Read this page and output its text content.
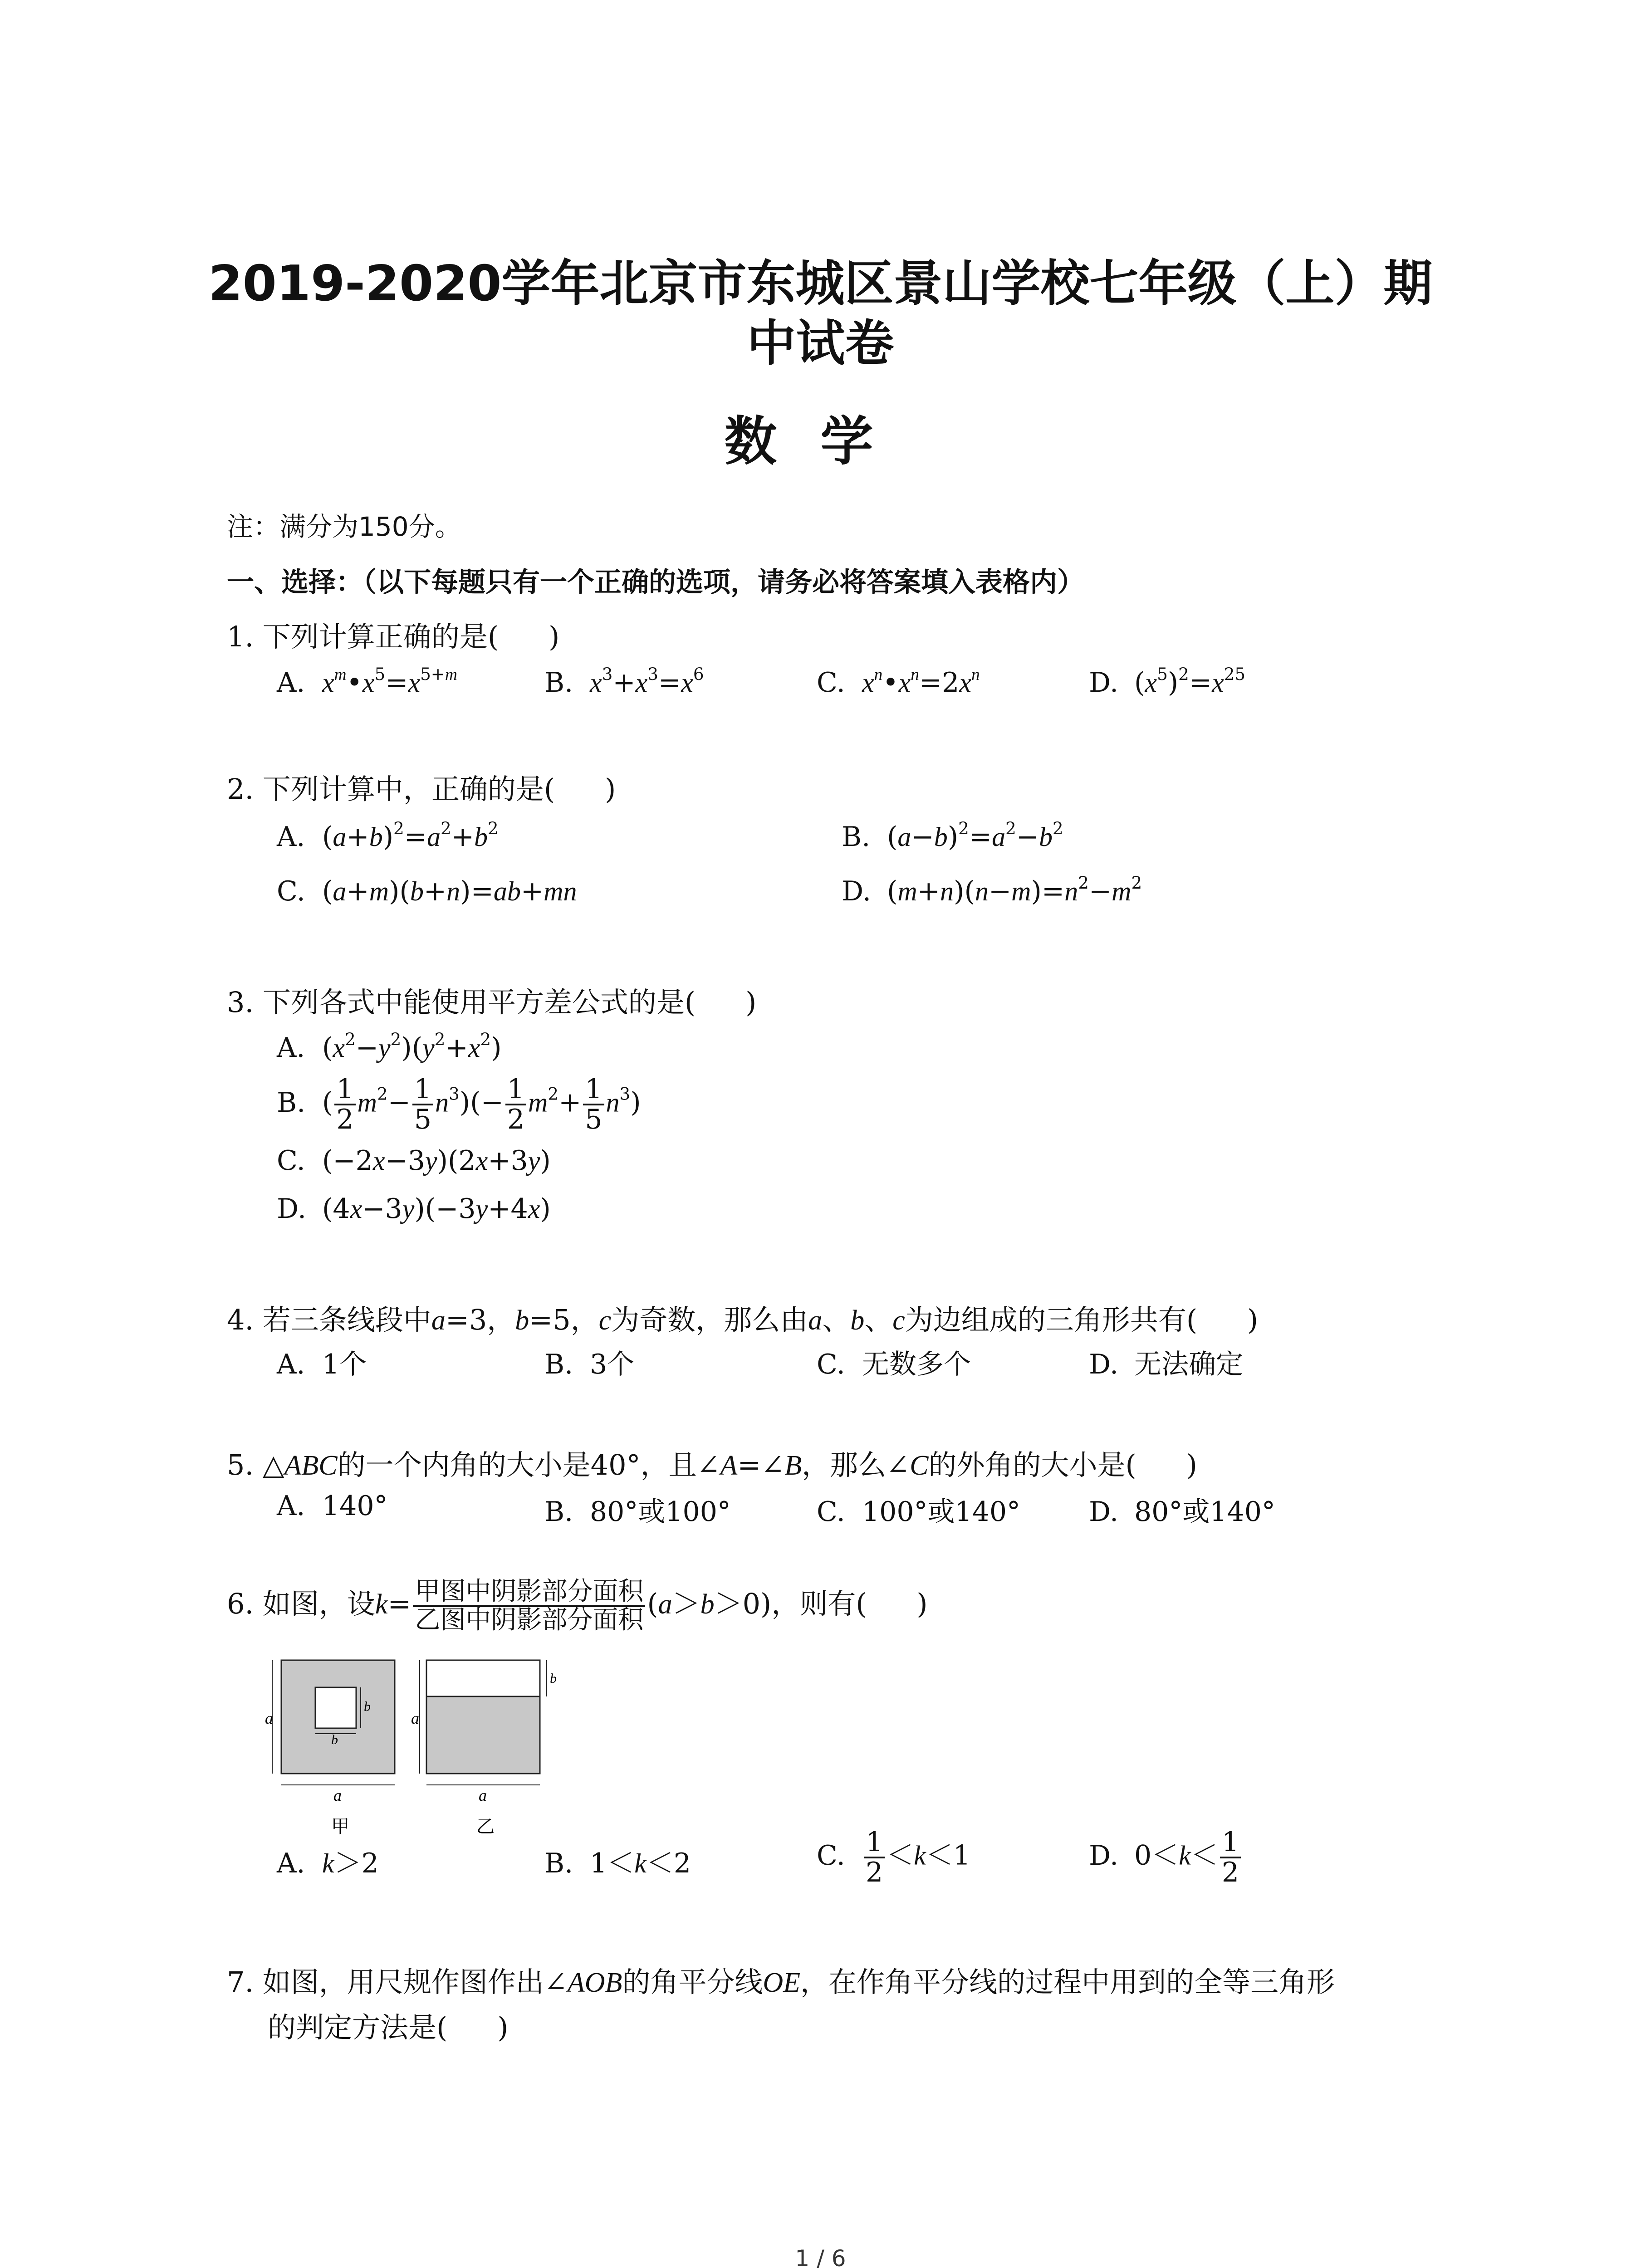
2019-2020学年北京市东城区景山学校七年级（上）期
中试卷
数学
注：满分为150分。
一、选择：（以下每题只有一个正确的选项，请务必将答案填入表格内）
1. 下列计算正确的是( )
A. $x^m•x^5=x^{5+m}$	B. $x^3+x^3=x^6$	C. $x^n•x^n=2x^n$	D. $(x^5)^2=x^{25}$
2. 下列计算中，正确的是( )
A. $(a+b)^2=a^2+b^2$	B. $(a-b)^2=a^2-b^2$
C. (a+m)(b+n)=ab+mn	D. $(m+n)(n-m)=n^2-m^2$
3. 下列各式中能使用平方差公式的是( )
A. $(x^2-y^2)(y^2+x^2)$
B. ( $\frac{1}{2} m^2- \frac{1}{5} n^3)(- \frac{1}{2} m^2+ \frac{1}{5} n^3)$
C. (−2x−3y)(2x+3y)
D. (4x−3y)(−3y+4x)
4. 若三条线段中a=3，b=5，c为奇数，那么由a、b、c为边组成的三角形共有( )
A. 1个	B. 3个	C. 无数多个	D. 无法确定
5. △ABC的一个内角的大小是40°，且∠A=∠B，那么∠C的外角的大小是( )
A. 140°	B. 80°或100°	C. 100°或140°	D. 80°或140°
6. 如图，设$k= \frac{\text{甲图中阴影部分面积}}{\text{乙图中阴影部分面积}} (a>b>0)$，则有( )
a
a
b
b
甲
a
a
b
乙
A. k＞2	B. 1＜k＜2	C. $\frac{1}{2} <k<1$	D. $0<k< \frac{1}{2}$
7. 如图，用尺规作图作出∠AOB的角平分线OE，在作角平分线的过程中用到的全等三角形
的判定方法是( )
1 / 6
